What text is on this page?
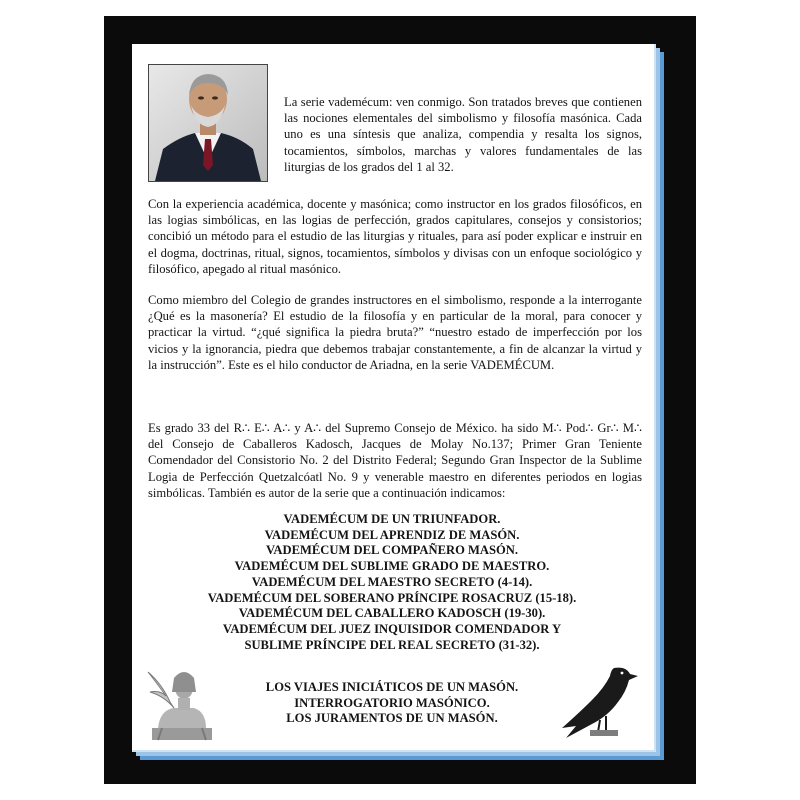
La serie vademécum: ven conmigo. Son tratados breves que contienen las nociones elementales del simbolismo y filosofía masónica. Cada uno es una síntesis que analiza, compendia y resalta los signos, tocamientos, símbolos, marchas y valores fundamentales de las liturgias de los grados del 1 al 32.

Con la experiencia académica, docente y masónica; como instructor en los grados filosóficos, en las logias simbólicas, en las logias de perfección, grados capitulares, consejos y consistorios; concibió un método para el estudio de las liturgias y rituales, para así poder explicar e instruir en el dogma, doctrinas, ritual, signos, tocamientos, símbolos y divisas con un enfoque sociológico y filosófico, apegado al ritual masónico.

Como miembro del Colegio de grandes instructores en el simbolismo, responde a la interrogante ¿Qué es la masonería? El estudio de la filosofía y en particular de la moral, para conocer y practicar la virtud. “¿qué significa la piedra bruta?” “nuestro estado de imperfección por los vicios y la ignorancia, piedra que debemos trabajar constantemente, a fin de alcanzar la virtud y la instrucción”. Este es el hilo conductor de Ariadna, en la serie VADEMÉCUM.

Es grado 33 del R∴ E∴ A∴ y A∴ del Supremo Consejo de México. ha sido M∴ Pod∴ Gr∴ M∴ del Consejo de Caballeros Kadosch, Jacques de Molay No.137; Primer Gran Teniente Comendador del Consistorio No. 2 del Distrito Federal; Segundo Gran Inspector de la Sublime Logia de Perfección Quetzalcóatl No. 9 y venerable maestro en diferentes periodos en logias simbólicas. También es autor de la serie que a continuación indicamos:

VADEMÉCUM DE UN TRIUNFADOR.
VADEMÉCUM DEL APRENDIZ DE MASÓN.
VADEMÉCUM DEL COMPAÑERO MASÓN.
VADEMÉCUM DEL SUBLIME GRADO DE MAESTRO.
VADEMÉCUM DEL MAESTRO SECRETO (4-14).
VADEMÉCUM DEL SOBERANO PRÍNCIPE ROSACRUZ (15-18).
VADEMÉCUM DEL CABALLERO KADOSCH (19-30).
VADEMÉCUM DEL JUEZ INQUISIDOR COMENDADOR Y
SUBLIME PRÍNCIPE DEL REAL SECRETO (31-32).
LOS VIAJES INICIÁTICOS DE UN MASÓN.
INTERROGATORIO MASÓNICO.
LOS JURAMENTOS DE UN MASÓN.
